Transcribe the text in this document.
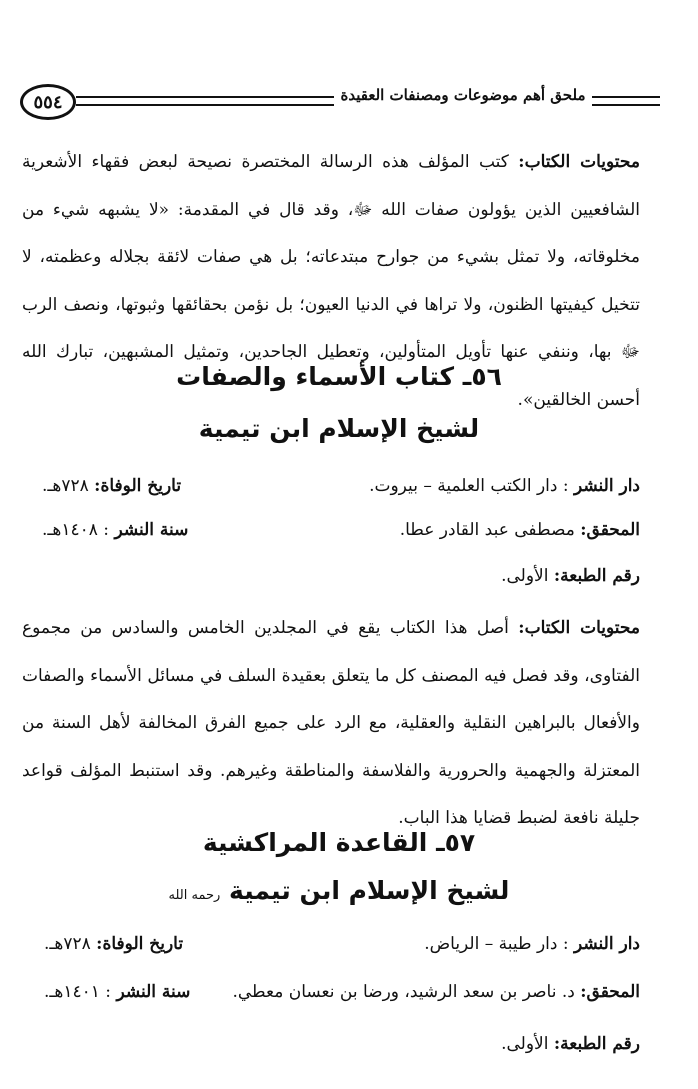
٥٥٤	ملحق أهم موضوعات ومصنفات العقيدة
محتويات الكتاب: كتب المؤلف هذه الرسالة المختصرة نصيحة لبعض فقهاء الأشعرية الشافعيين الذين يؤولون صفات الله ﷻ، وقد قال في المقدمة: «لا يشبهه شيء من مخلوقاته، ولا تمثل بشيء من جوارح مبتدعاته؛ بل هي صفات لائقة بجلاله وعظمته، لا تتخيل كيفيتها الظنون، ولا تراها في الدنيا العيون؛ بل نؤمن بحقائقها وثبوتها، ونصف الرب ﷻ بها، وننفي عنها تأويل المتأولين، وتعطيل الجاحدين، وتمثيل المشبهين، تبارك الله أحسن الخالقين».
٥٦ـ كتاب الأسماء والصفات
لشيخ الإسلام ابن تيمية
دار النشر : دار الكتب العلمية – بيروت.
تاريخ الوفاة: ٧٢٨هـ.
المحقق: مصطفى عبد القادر عطا.
سنة النشر : ١٤٠٨هـ.
رقم الطبعة: الأولى.
محتويات الكتاب: أصل هذا الكتاب يقع في المجلدين الخامس والسادس من مجموع الفتاوى، وقد فصل فيه المصنف كل ما يتعلق بعقيدة السلف في مسائل الأسماء والصفات والأفعال بالبراهين النقلية والعقلية، مع الرد على جميع الفرق المخالفة لأهل السنة من المعتزلة والجهمية والحرورية والفلاسفة والمناطقة وغيرهم. وقد استنبط المؤلف قواعد جليلة نافعة لضبط قضايا هذا الباب.
٥٧ـ القاعدة المراكشية
لشيخ الإسلام ابن تيمية رحمه الله
دار النشر : دار طيبة – الرياض.
تاريخ الوفاة: ٧٢٨هـ.
المحقق: د. ناصر بن سعد الرشيد، ورضا بن نعسان معطي.
سنة النشر : ١٤٠١هـ.
رقم الطبعة: الأولى.
